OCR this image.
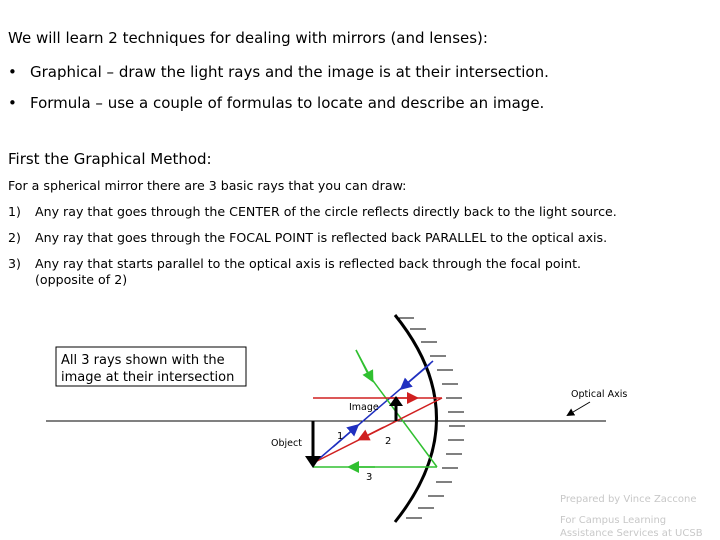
We will learn 2 techniques for dealing with mirrors (and lenses):
• Graphical – draw the light rays and the image is at their intersection.
• Formula – use a couple of formulas to locate and describe an image.
First the Graphical Method:
For a spherical mirror there are 3 basic rays that you can draw:
1) Any ray that goes through the CENTER of the circle reflects directly back to the light source.
2) Any ray that goes through the FOCAL POINT is reflected back PARALLEL to the optical axis.
3) Any ray that starts parallel to the optical axis is reflected back through the focal point.
(opposite of 2)
All 3 rays shown with the
image at their intersection
Optical Axis
Image
Object
1	2
3
Prepared by Vince Zaccone
For Campus Learning
Assistance Services at UCSB
